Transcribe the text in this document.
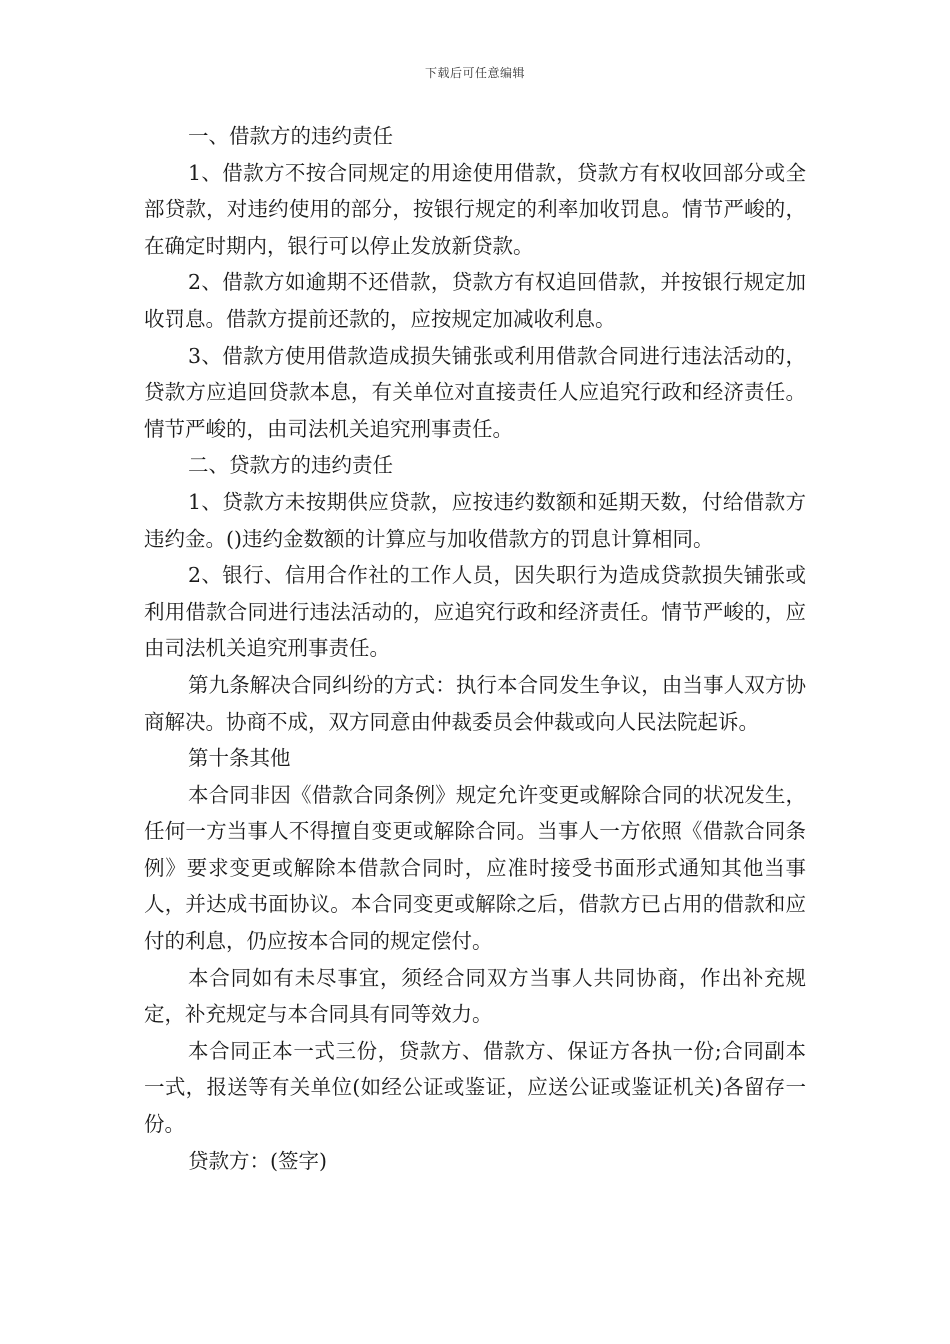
下载后可任意编辑

一、借款方的违约责任

1、借款方不按合同规定的用途使用借款，贷款方有权收回部分或全部贷款，对违约使用的部分，按银行规定的利率加收罚息。情节严峻的，在确定时期内，银行可以停止发放新贷款。

2、借款方如逾期不还借款，贷款方有权追回借款，并按银行规定加收罚息。借款方提前还款的，应按规定加减收利息。

3、借款方使用借款造成损失铺张或利用借款合同进行违法活动的，贷款方应追回贷款本息，有关单位对直接责任人应追究行政和经济责任。情节严峻的，由司法机关追究刑事责任。

二、贷款方的违约责任

1、贷款方未按期供应贷款，应按违约数额和延期天数，付给借款方违约金。()违约金数额的计算应与加收借款方的罚息计算相同。

2、银行、信用合作社的工作人员，因失职行为造成贷款损失铺张或利用借款合同进行违法活动的，应追究行政和经济责任。情节严峻的，应由司法机关追究刑事责任。

第九条解决合同纠纷的方式：执行本合同发生争议，由当事人双方协商解决。协商不成，双方同意由仲裁委员会仲裁或向人民法院起诉。

第十条其他

本合同非因《借款合同条例》规定允许变更或解除合同的状况发生，任何一方当事人不得擅自变更或解除合同。当事人一方依照《借款合同条例》要求变更或解除本借款合同时，应准时接受书面形式通知其他当事人，并达成书面协议。本合同变更或解除之后，借款方已占用的借款和应付的利息，仍应按本合同的规定偿付。

本合同如有未尽事宜，须经合同双方当事人共同协商，作出补充规定，补充规定与本合同具有同等效力。

本合同正本一式三份，贷款方、借款方、保证方各执一份;合同副本一式，报送等有关单位(如经公证或鉴证，应送公证或鉴证机关)各留存一份。

贷款方：(签字)
